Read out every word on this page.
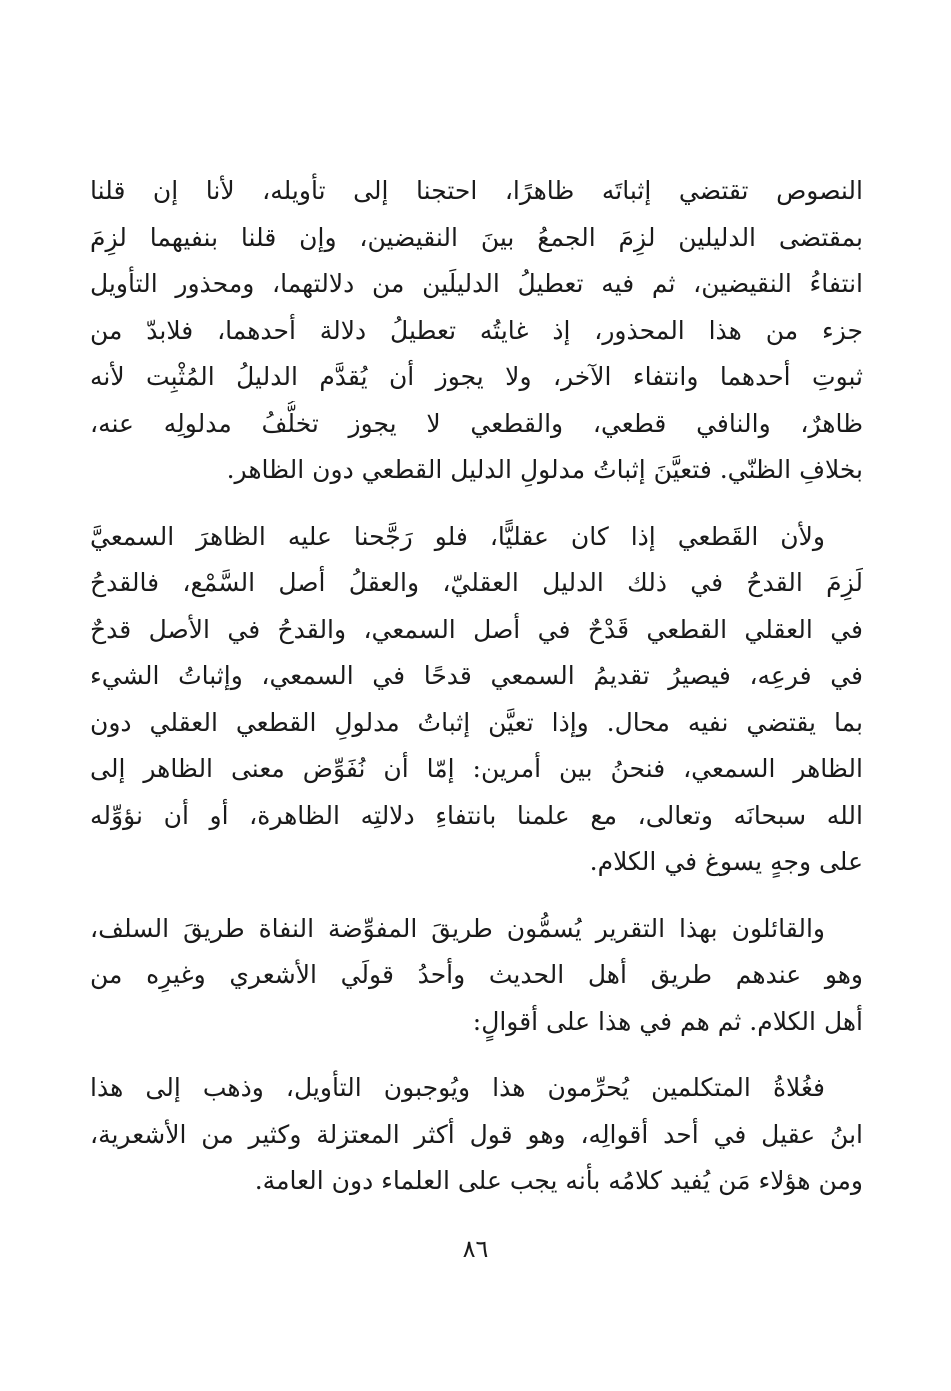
النصوص تقتضي إثباتَه ظاهرًا، احتجنا إلى تأويله، لأنا إن قلنا
بمقتضى الدليلين لزِمَ الجمعُ بينَ النقيضين، وإن قلنا بنفيهما لزِمَ
انتفاءُ النقيضين، ثم فيه تعطيلُ الدليلَين من دلالتهما، ومحذور التأويل
جزء من هذا المحذور، إذ غايتُه تعطيلُ دلالة أحدهما، فلابدّ من
ثبوتِ أحدهما وانتفاء الآخر، ولا يجوز أن يُقدَّم الدليلُ المُثْبِت لأنه
ظاهرٌ، والنافي قطعي، والقطعي لا يجوز تخلُّفُ مدلولِه عنه،
بخلافِ الظنّي. فتعيَّنَ إثباتُ مدلولِ الدليل القطعي دون الظاهر.
ولأن القَطعي إذا كان عقليًّا، فلو رَجَّحنا عليه الظاهرَ السمعيَّ
لَزِمَ القدحُ في ذلك الدليل العقليّ، والعقلُ أصل السَّمْع، فالقدحُ
في العقلي القطعي قَدْحٌ في أصل السمعي، والقدحُ في الأصل قدحٌ
في فرعِه، فيصيرُ تقديمُ السمعي قدحًا في السمعي، وإثباتُ الشيء
بما يقتضي نفيه محال. وإذا تعيَّن إثباتُ مدلولِ القطعي العقلي دون
الظاهر السمعي، فنحنُ بين أمرين: إمّا أن نُفَوِّض معنى الظاهر إلى
الله سبحانَه وتعالى، مع علمنا بانتفاءِ دلالتِه الظاهرة، أو أن نؤوِّله
على وجهٍ يسوغ في الكلام.
والقائلون بهذا التقرير يُسمُّون طريقَ المفوِّضة النفاة طريقَ السلف،
وهو عندهم طريق أهل الحديث وأحدُ قولَي الأشعري وغيرِه من
أهل الكلام. ثم هم في هذا على أقوالٍ:
فغُلاةُ المتكلمين يُحرِّمون هذا ويُوجبون التأويل، وذهب إلى هذا
ابنُ عقيل في أحد أقوالِه، وهو قول أكثر المعتزلة وكثير من الأشعرية،
ومن هؤلاء مَن يُفيد كلامُه بأنه يجب على العلماء دون العامة.
٨٦
